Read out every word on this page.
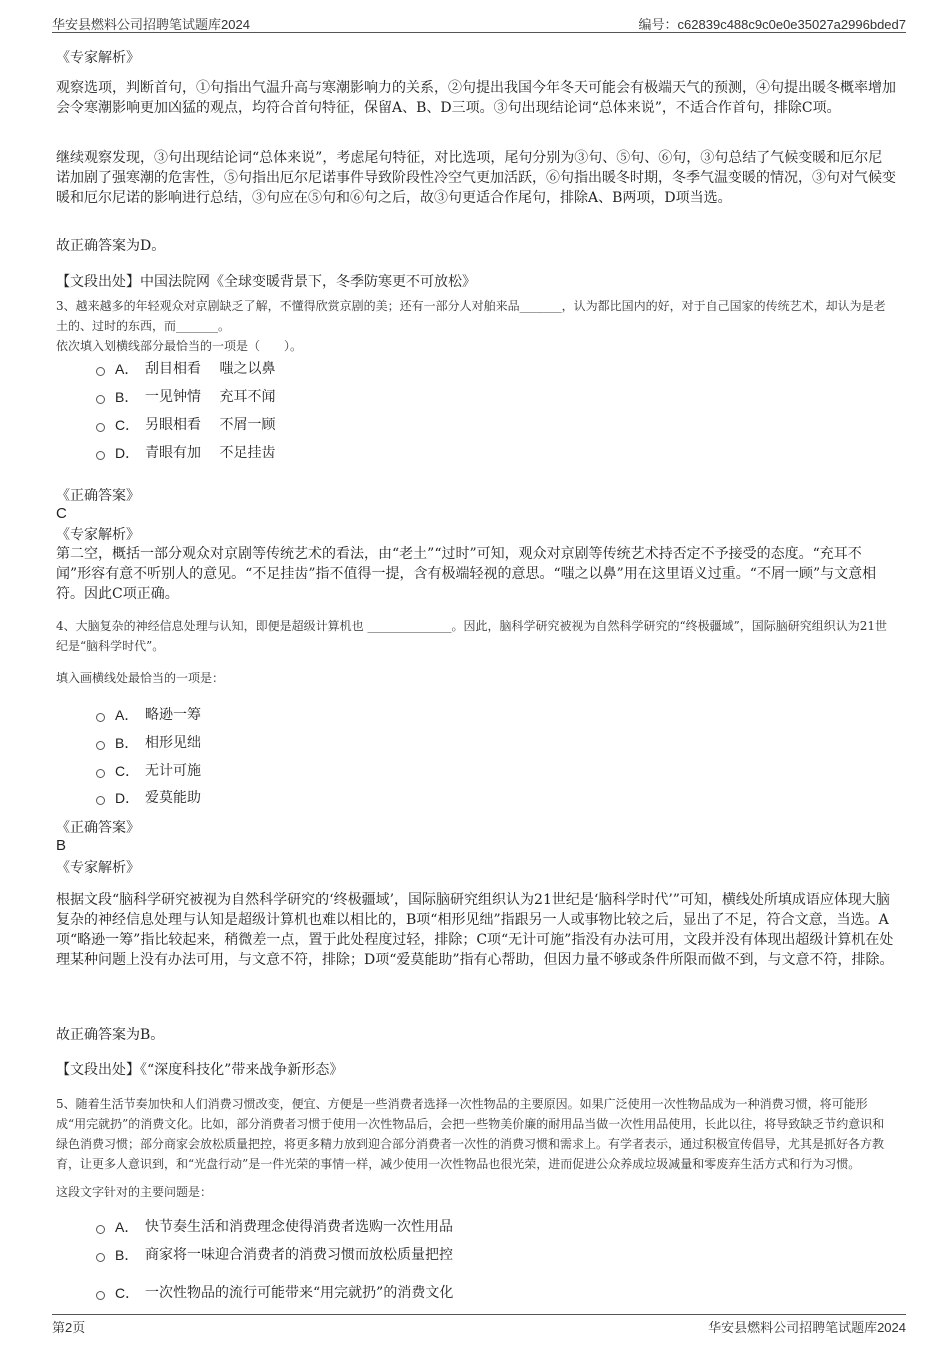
华安县燃料公司招聘笔试题库2024	编号：c62839c488c9c0e0e35027a2996bded7
《专家解析》
观察选项，判断首句，①句指出气温升高与寒潮影响力的关系，②句提出我国今年冬天可能会有极端天气的预测，④句提出暖冬概率增加会令寒潮影响更加凶猛的观点，均符合首句特征，保留A、B、D三项。③句出现结论词“总体来说”，不适合作首句，排除C项。
继续观察发现，③句出现结论词“总体来说”，考虑尾句特征，对比选项，尾句分别为③句、⑤句、⑥句，③句总结了气候变暖和厄尔尼诺加剧了强寒潮的危害性，⑤句指出厄尔尼诺事件导致阶段性冷空气更加活跃，⑥句指出暖冬时期，冬季气温变暖的情况，③句对气候变暖和厄尔尼诺的影响进行总结，③句应在⑤句和⑥句之后，故③句更适合作尾句，排除A、B两项，D项当选。
故正确答案为D。
【文段出处】中国法院网《全球变暖背景下，冬季防寒更不可放松》
3、越来越多的年轻观众对京剧缺乏了解，不懂得欣赏京剧的美；还有一部分人对舶来品_______，认为都比国内的好，对于自己国家的传统艺术，却认为是老土的、过时的东西，而_______。
依次填入划横线部分最恰当的一项是（　　）。
A． 刮目相看　 嗤之以鼻
B． 一见钟情　 充耳不闻
C． 另眼相看　 不屑一顾
D． 青眼有加　 不足挂齿
《正确答案》
C
《专家解析》
第二空，概括一部分观众对京剧等传统艺术的看法，由“老土”“过时”可知，观众对京剧等传统艺术持否定不予接受的态度。“充耳不闻”形容有意不听别人的意见。“不足挂齿”指不值得一提，含有极端轻视的意思。“嗤之以鼻”用在这里语义过重。“不屑一顾”与文意相符。因此C项正确。
4、大脑复杂的神经信息处理与认知，即便是超级计算机也 ______________。因此，脑科学研究被视为自然科学研究的“终极疆域”，国际脑研究组织认为21世纪是“脑科学时代”。
填入画横线处最恰当的一项是：
A． 略逊一筹
B． 相形见绌
C． 无计可施
D． 爱莫能助
《正确答案》
B
《专家解析》
根据文段“脑科学研究被视为自然科学研究的‘终极疆域’，国际脑研究组织认为21世纪是‘脑科学时代’”可知，横线处所填成语应体现大脑复杂的神经信息处理与认知是超级计算机也难以相比的，B项“相形见绌”指跟另一人或事物比较之后，显出了不足，符合文意，当选。A项“略逊一筹”指比较起来，稍微差一点，置于此处程度过轻，排除；C项“无计可施”指没有办法可用，文段并没有体现出超级计算机在处理某种问题上没有办法可用，与文意不符，排除；D项“爱莫能助”指有心帮助，但因力量不够或条件所限而做不到，与文意不符，排除。
故正确答案为B。
【文段出处】《“深度科技化”带来战争新形态》
5、随着生活节奏加快和人们消费习惯改变，便宜、方便是一些消费者选择一次性物品的主要原因。如果广泛使用一次性物品成为一种消费习惯，将可能形成“用完就扔”的消费文化。比如，部分消费者习惯于使用一次性物品后，会把一些物美价廉的耐用品当做一次性用品使用，长此以往，将导致缺乏节约意识和绿色消费习惯；部分商家会放松质量把控，将更多精力放到迎合部分消费者一次性的消费习惯和需求上。有学者表示，通过积极宣传倡导，尤其是抓好各方教育，让更多人意识到，和“光盘行动”是一件光荣的事情一样，减少使用一次性物品也很光荣，进而促进公众养成垃圾减量和零废弃生活方式和行为习惯。
这段文字针对的主要问题是：
A． 快节奏生活和消费理念使得消费者选购一次性用品
B． 商家将一味迎合消费者的消费习惯而放松质量把控
C． 一次性物品的流行可能带来“用完就扔”的消费文化
第2页	华安县燃料公司招聘笔试题库2024
